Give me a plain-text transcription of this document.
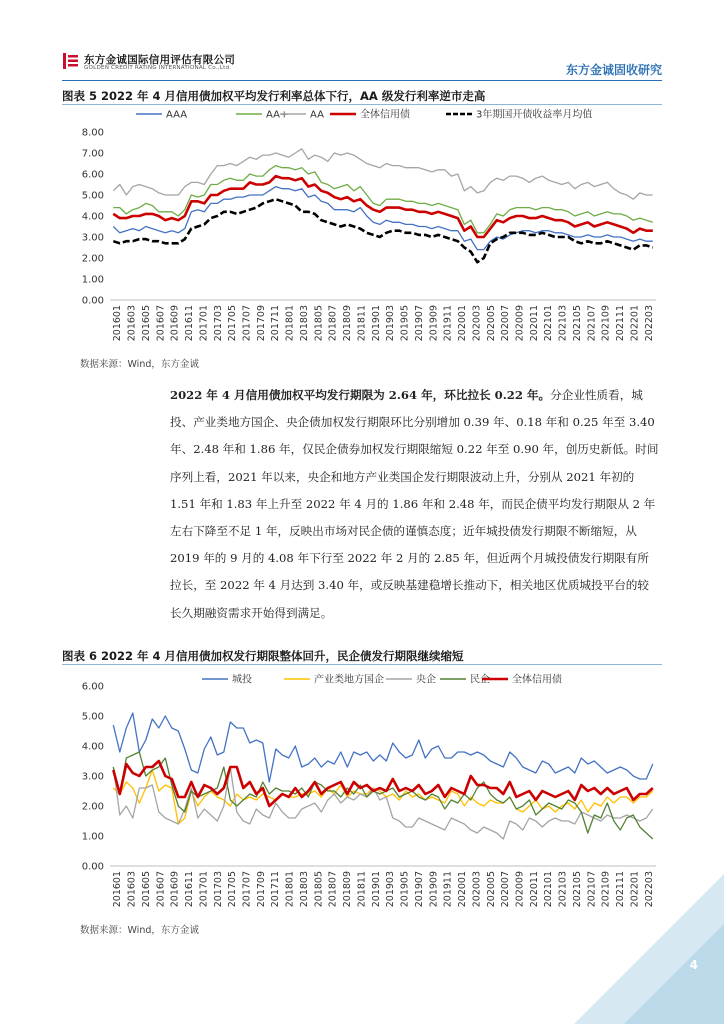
东方金诚国际信用评估有限公司
GOLDEN CREDIT RATING INTERNATIONAL Co.,Ltd.	东方金诚固收研究
图表 5 2022 年 4 月信用债加权平均发行利率总体下行，AA 级发行利率逆市走高
0.00
1.00
2.00
3.00
4.00
5.00
6.00
7.00
8.00
201601 201603 201605 201607 201609 201611 201701 201703 201705 201707 201709 201711 201801 201803 201805 201807 201809 201811 201901 201903 201905 201907 201909 201911 202001 202003 202005 202007 202009 202011 202101 202103 202105 202107 202109 202111 202201 202203
AAA	AA+ AA	全体信用债	3年期国开债收益率月均值
数据来源：Wind，东方金诚
2022 年 4 月信用债加权平均发行期限为 2.64 年，环比拉长 0.22 年。分企业性质看，城投、产业类地方国企、央企债加权发行期限环比分别增加 0.39 年、0.18 年和 0.25 年至 3.40 年、2.48 年和 1.86 年，仅民企债券加权发行期限缩短 0.22 年至 0.90 年，创历史新低。时间序列上看，2021 年以来，央企和地方产业类国企发行期限波动上升，分别从 2021 年初的 1.51 年和 1.83 年上升至 2022 年 4 月的 1.86 年和 2.48 年，而民企债平均发行期限从 2 年左右下降至不足 1 年，反映出市场对民企债的谨慎态度；近年城投债发行期限不断缩短，从 2019 年的 9 月的 4.08 年下行至 2022 年 2 月的 2.85 年，但近两个月城投债发行期限有所拉长，至 2022 年 4 月达到 3.40 年，或反映基建稳增长推动下，相关地区优质城投平台的较长久期融资需求开始得到满足。
图表 6 2022 年 4 月信用债加权发行期限整体回升，民企债发行期限继续缩短
0.00
1.00
2.00
3.00
4.00
5.00
6.00
201601 201603 201605 201607 201609 201611 201701 201703 201705 201707 201709 201711 201801 201803 201805 201807 201809 201811 201901 201903 201905 201907 201909 201911 202001 202003 202005 202007 202009 202011 202101 202103 202105 202107 202109 202111 202201 202203
城投	产业类地方国企	央企	民企 全体信用债
数据来源：Wind，东方金诚
4
